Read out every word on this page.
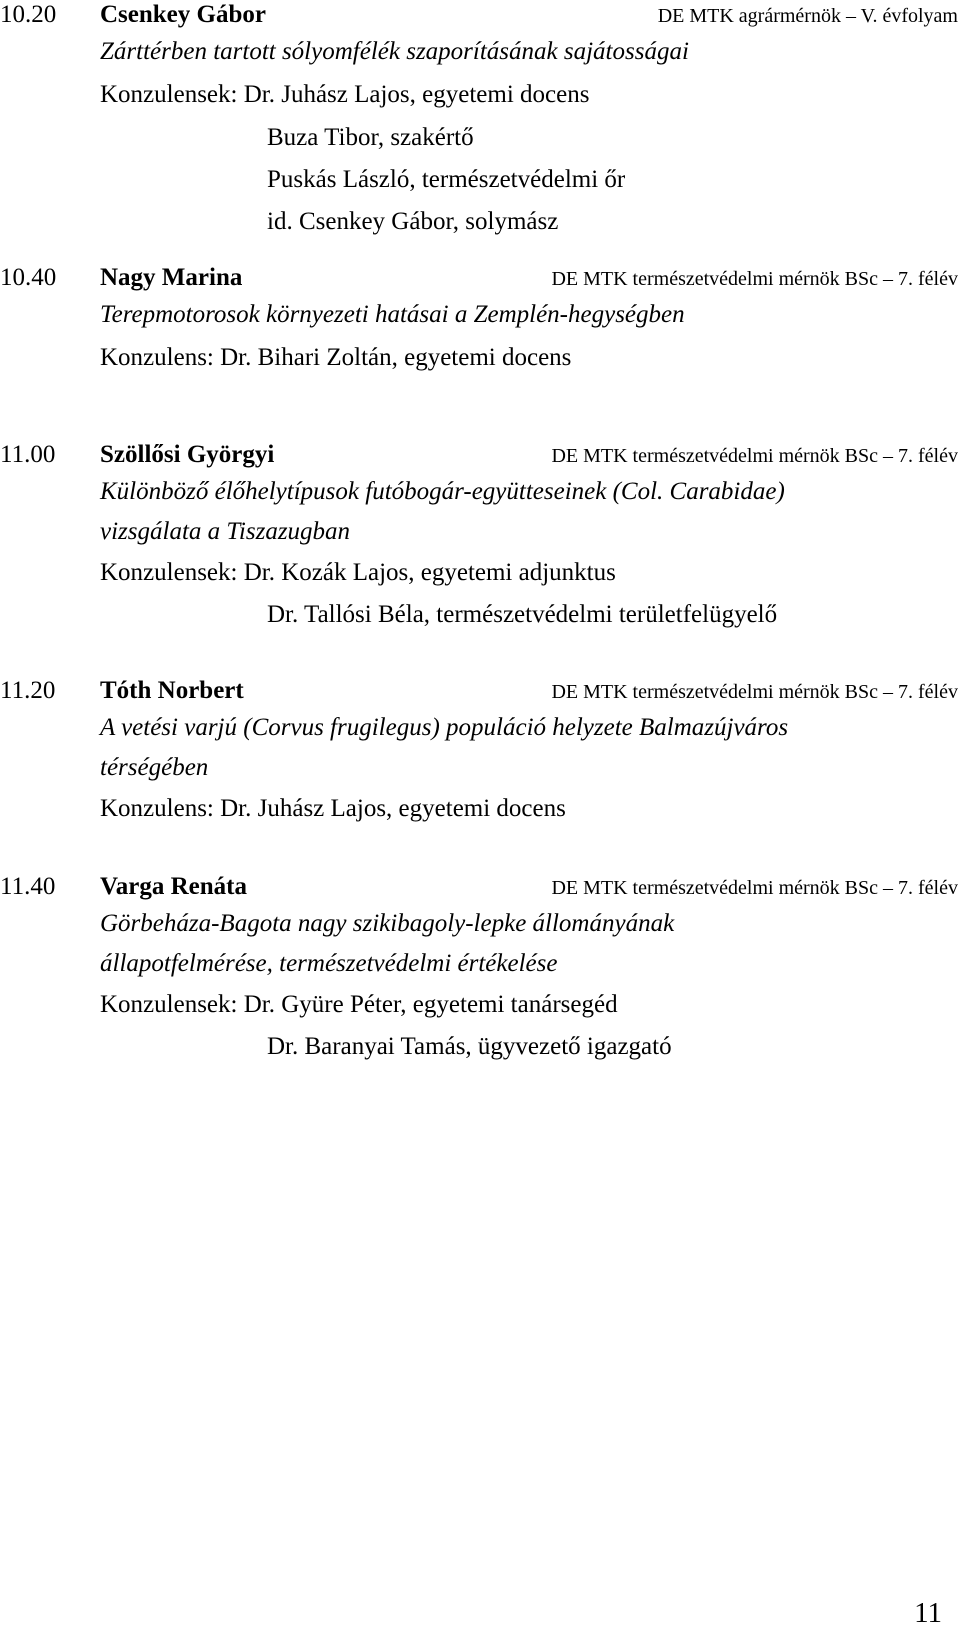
10.20 Csenkey Gábor	DE MTK agrármérnök – V. évfolyam
Zárttérben tartott sólyomfélék szaporításának sajátosságai
Konzulensek: Dr. Juhász Lajos, egyetemi docens
Buza Tibor, szakértő
Puskás László, természetvédelmi őr
id. Csenkey Gábor, solymász
10.40 Nagy Marina	DE MTK természetvédelmi mérnök BSc – 7. félév
Terepmotorosok környezeti hatásai a Zemplén-hegységben
Konzulens: Dr. Bihari Zoltán, egyetemi docens
11.00 Szöllősi Györgyi	DE MTK természetvédelmi mérnök BSc – 7. félév
Különböző élőhelytípusok futóbogár-együtteseinek (Col. Carabidae)
vizsgálata a Tiszazugban
Konzulensek: Dr. Kozák Lajos, egyetemi adjunktus
Dr. Tallósi Béla, természetvédelmi területfelügyelő
11.20 Tóth Norbert	DE MTK természetvédelmi mérnök BSc – 7. félév
A vetési varjú (Corvus frugilegus) populáció helyzete Balmazújváros
térségében
Konzulens: Dr. Juhász Lajos, egyetemi docens
11.40 Varga Renáta	DE MTK természetvédelmi mérnök BSc – 7. félév
Görbeháza-Bagota nagy szikibagoly-lepke állományának
állapotfelmérése, természetvédelmi értékelése
Konzulensek: Dr. Gyüre Péter, egyetemi tanársegéd
Dr. Baranyai Tamás, ügyvezető igazgató
11
